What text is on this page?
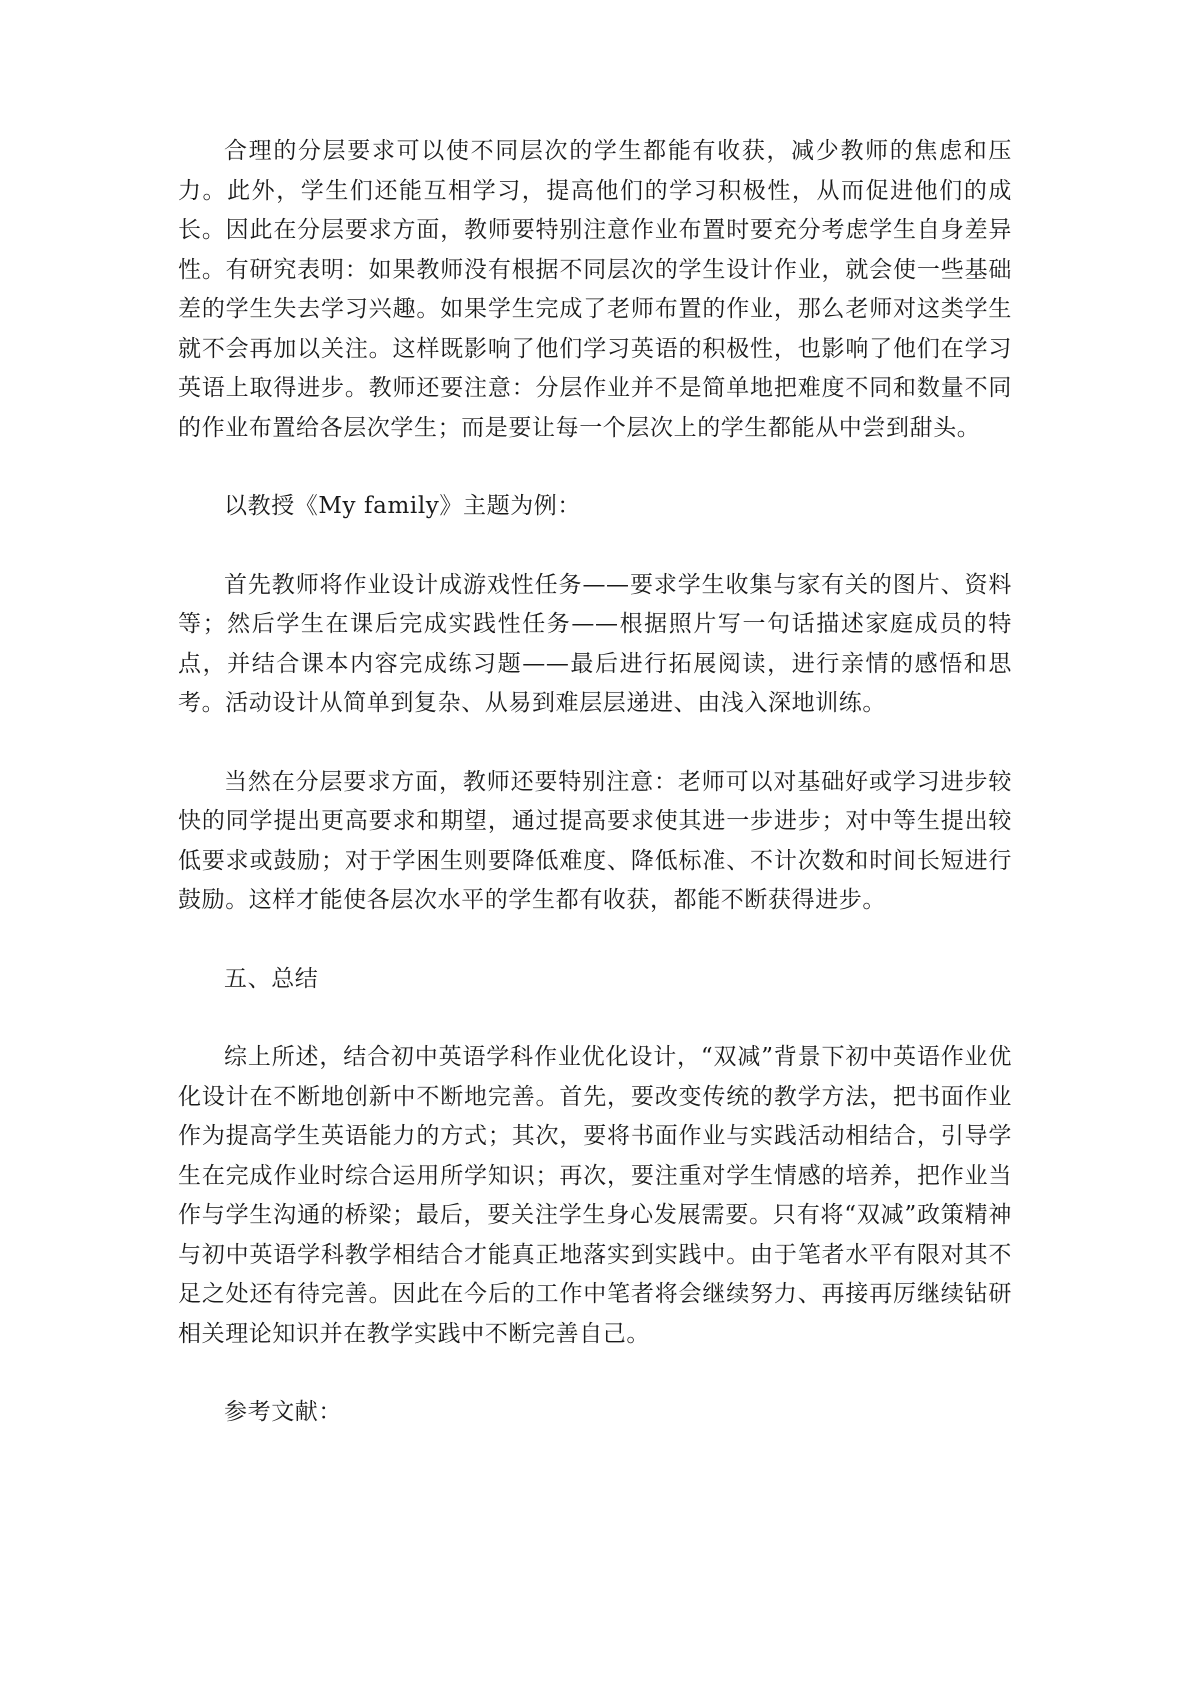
合理的分层要求可以使不同层次的学生都能有收获，减少教师的焦虑和压力。此外，学生们还能互相学习，提高他们的学习积极性，从而促进他们的成长。因此在分层要求方面，教师要特别注意作业布置时要充分考虑学生自身差异性。有研究表明：如果教师没有根据不同层次的学生设计作业，就会使一些基础差的学生失去学习兴趣。如果学生完成了老师布置的作业，那么老师对这类学生就不会再加以关注。这样既影响了他们学习英语的积极性，也影响了他们在学习英语上取得进步。教师还要注意：分层作业并不是简单地把难度不同和数量不同的作业布置给各层次学生；而是要让每一个层次上的学生都能从中尝到甜头。

以教授《My family》主题为例：

首先教师将作业设计成游戏性任务——要求学生收集与家有关的图片、资料等；然后学生在课后完成实践性任务——根据照片写一句话描述家庭成员的特点，并结合课本内容完成练习题——最后进行拓展阅读，进行亲情的感悟和思考。活动设计从简单到复杂、从易到难层层递进、由浅入深地训练。

当然在分层要求方面，教师还要特别注意：老师可以对基础好或学习进步较快的同学提出更高要求和期望，通过提高要求使其进一步进步；对中等生提出较低要求或鼓励；对于学困生则要降低难度、降低标准、不计次数和时间长短进行鼓励。这样才能使各层次水平的学生都有收获，都能不断获得进步。

五、总结

综上所述，结合初中英语学科作业优化设计，“双减”背景下初中英语作业优化设计在不断地创新中不断地完善。首先，要改变传统的教学方法，把书面作业作为提高学生英语能力的方式；其次，要将书面作业与实践活动相结合，引导学生在完成作业时综合运用所学知识；再次，要注重对学生情感的培养，把作业当作与学生沟通的桥梁；最后，要关注学生身心发展需要。只有将“双减”政策精神与初中英语学科教学相结合才能真正地落实到实践中。由于笔者水平有限对其不足之处还有待完善。因此在今后的工作中笔者将会继续努力、再接再厉继续钻研相关理论知识并在教学实践中不断完善自己。

参考文献：
